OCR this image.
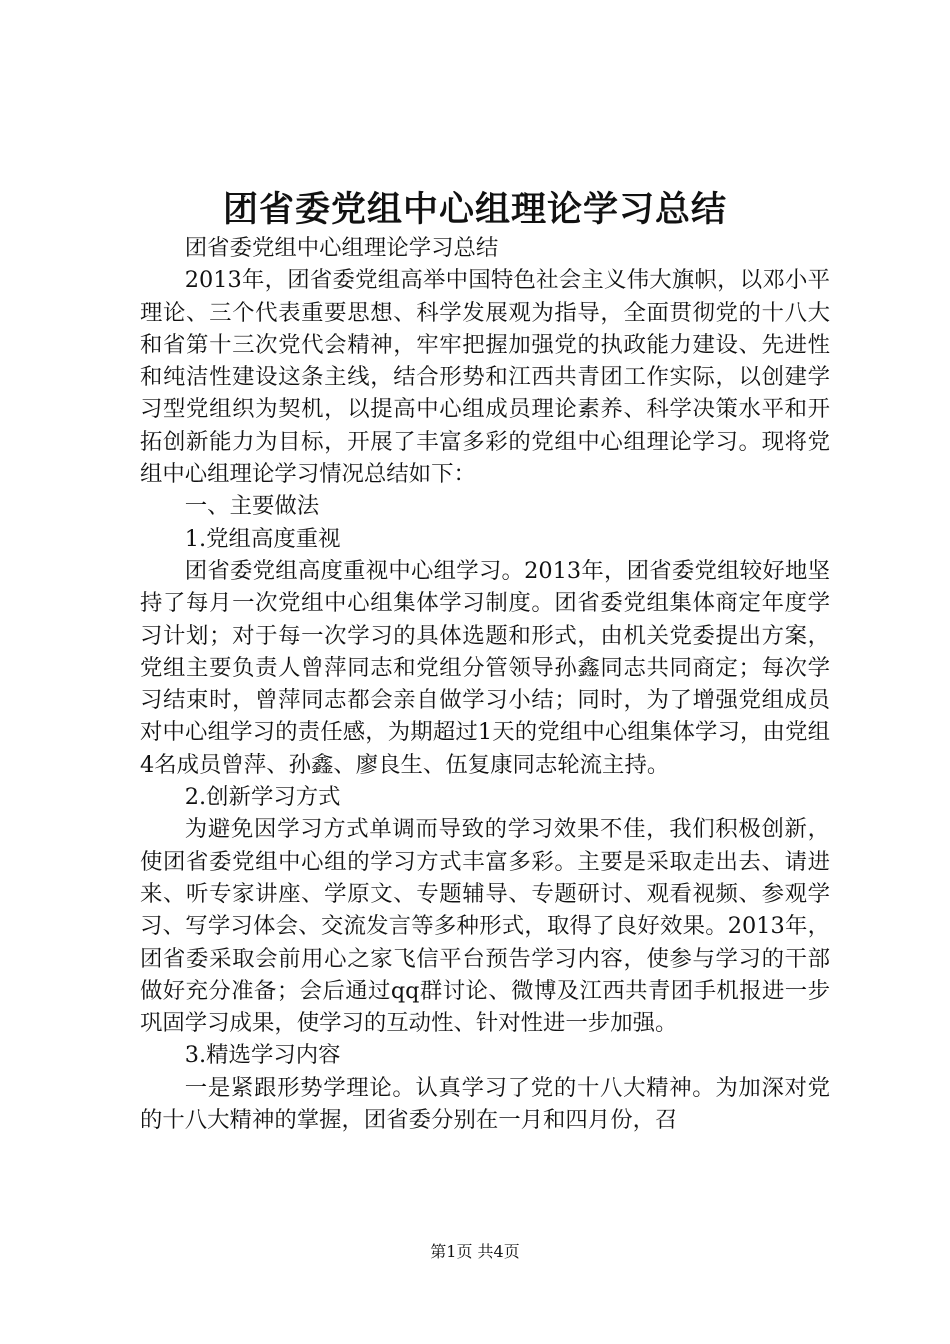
团省委党组中心组理论学习总结

团省委党组中心组理论学习总结

2013年，团省委党组高举中国特色社会主义伟大旗帜，以邓小平理论、三个代表重要思想、科学发展观为指导，全面贯彻党的十八大和省第十三次党代会精神，牢牢把握加强党的执政能力建设、先进性和纯洁性建设这条主线，结合形势和江西共青团工作实际，以创建学习型党组织为契机，以提高中心组成员理论素养、科学决策水平和开拓创新能力为目标，开展了丰富多彩的党组中心组理论学习。现将党组中心组理论学习情况总结如下：

一、主要做法

1.党组高度重视

团省委党组高度重视中心组学习。2013年，团省委党组较好地坚持了每月一次党组中心组集体学习制度。团省委党组集体商定年度学习计划；对于每一次学习的具体选题和形式，由机关党委提出方案，党组主要负责人曾萍同志和党组分管领导孙鑫同志共同商定；每次学习结束时，曾萍同志都会亲自做学习小结；同时，为了增强党组成员对中心组学习的责任感，为期超过1天的党组中心组集体学习，由党组4名成员曾萍、孙鑫、廖良生、伍复康同志轮流主持。

2.创新学习方式

为避免因学习方式单调而导致的学习效果不佳，我们积极创新，使团省委党组中心组的学习方式丰富多彩。主要是采取走出去、请进来、听专家讲座、学原文、专题辅导、专题研讨、观看视频、参观学习、写学习体会、交流发言等多种形式，取得了良好效果。2013年，团省委采取会前用心之家飞信平台预告学习内容，使参与学习的干部做好充分准备；会后通过qq群讨论、微博及江西共青团手机报进一步巩固学习成果，使学习的互动性、针对性进一步加强。

3.精选学习内容

一是紧跟形势学理论。认真学习了党的十八大精神。为加深对党的十八大精神的掌握，团省委分别在一月和四月份，召

第1页 共4页
